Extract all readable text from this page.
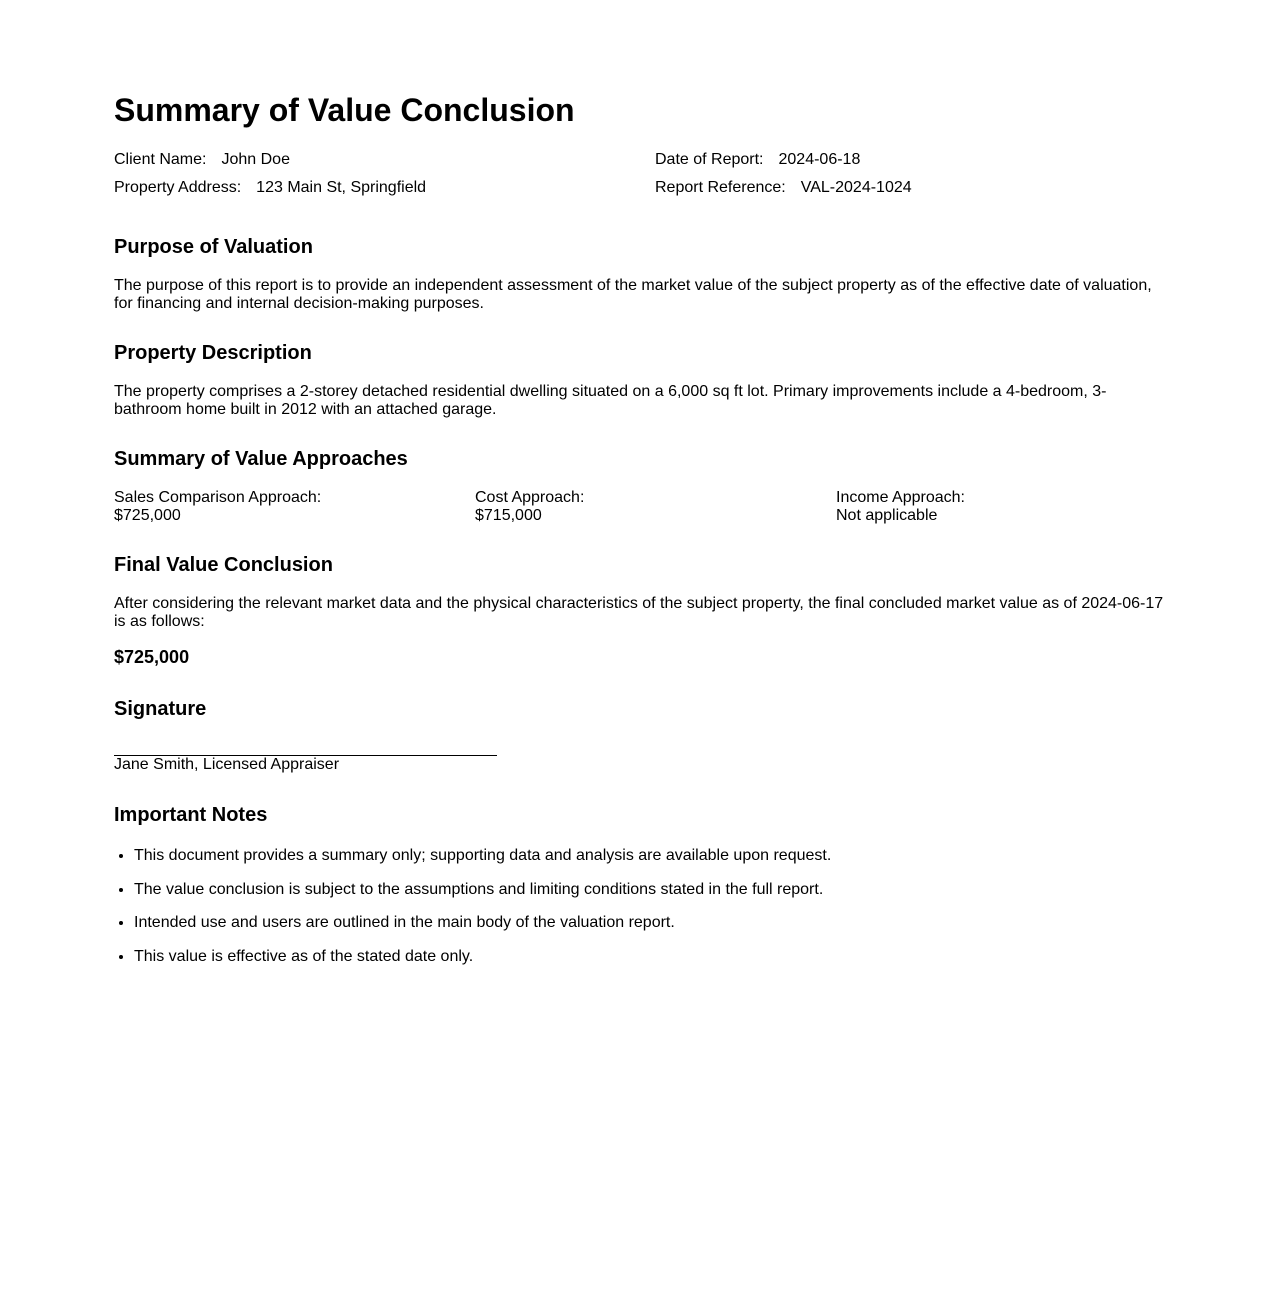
Summary of Value Conclusion
Client Name: John Doe	Date of Report: 2024-06-18
Property Address: 123 Main St, Springfield	Report Reference: VAL-2024-1024
Purpose of Valuation

The purpose of this report is to provide an independent assessment of the market value of the subject property as of the effective date of valuation, for financing and internal decision-making purposes.

Property Description

The property comprises a 2-storey detached residential dwelling situated on a 6,000 sq ft lot. Primary improvements include a 4-bedroom, 3-bathroom home built in 2012 with an attached garage.

Summary of Value Approaches
Sales Comparison Approach:
$725,000
Cost Approach:
$715,000
Income Approach:
Not applicable
Final Value Conclusion

After considering the relevant market data and the physical characteristics of the subject property, the final concluded market value as of 2024-06-17 is as follows:

$725,000
Signature
Jane Smith, Licensed Appraiser
Important Notes
• This document provides a summary only; supporting data and analysis are available upon request.
• The value conclusion is subject to the assumptions and limiting conditions stated in the full report.
• Intended use and users are outlined in the main body of the valuation report.
• This value is effective as of the stated date only.
